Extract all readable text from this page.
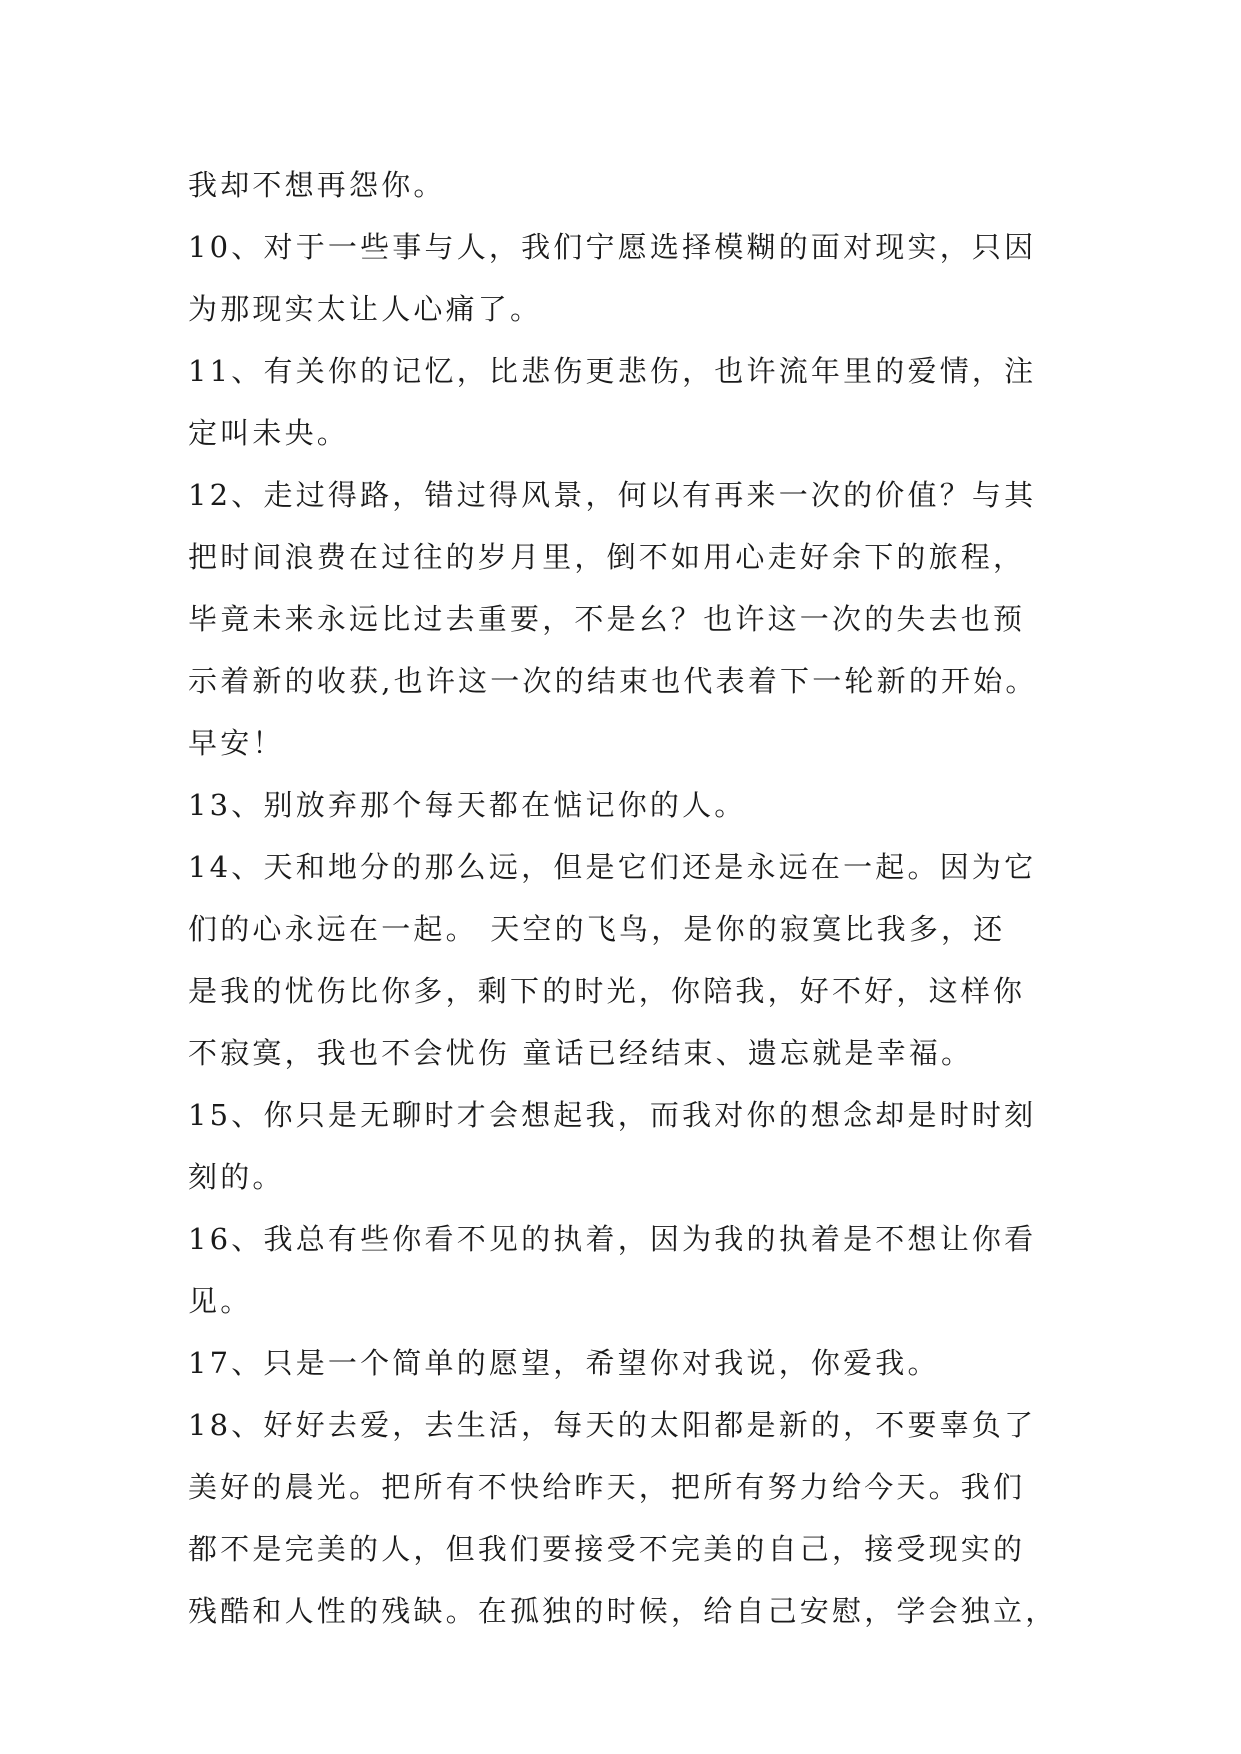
我却不想再怨你。
10、对于一些事与人，我们宁愿选择模糊的面对现实，只因
为那现实太让人心痛了。
11、有关你的记忆，比悲伤更悲伤，也许流年里的爱情，注
定叫未央。
12、走过得路，错过得风景，何以有再来一次的价值？与其
把时间浪费在过往的岁月里，倒不如用心走好余下的旅程，
毕竟未来永远比过去重要，不是幺？也许这一次的失去也预
示着新的收获,也许这一次的结束也代表着下一轮新的开始。
早安！
13、别放弃那个每天都在惦记你的人。
14、天和地分的那么远，但是它们还是永远在一起。因为它
们的心永远在一起。 天空的飞鸟，是你的寂寞比我多，还
是我的忧伤比你多，剩下的时光，你陪我，好不好，这样你
不寂寞，我也不会忧伤 童话已经结束、遗忘就是幸福。
15、你只是无聊时才会想起我，而我对你的想念却是时时刻
刻的。
16、我总有些你看不见的执着，因为我的执着是不想让你看
见。
17、只是一个简单的愿望，希望你对我说，你爱我。
18、好好去爱，去生活，每天的太阳都是新的，不要辜负了
美好的晨光。把所有不快给昨天，把所有努力给今天。我们
都不是完美的人，但我们要接受不完美的自己，接受现实的
残酷和人性的残缺。在孤独的时候，给自己安慰，学会独立，
